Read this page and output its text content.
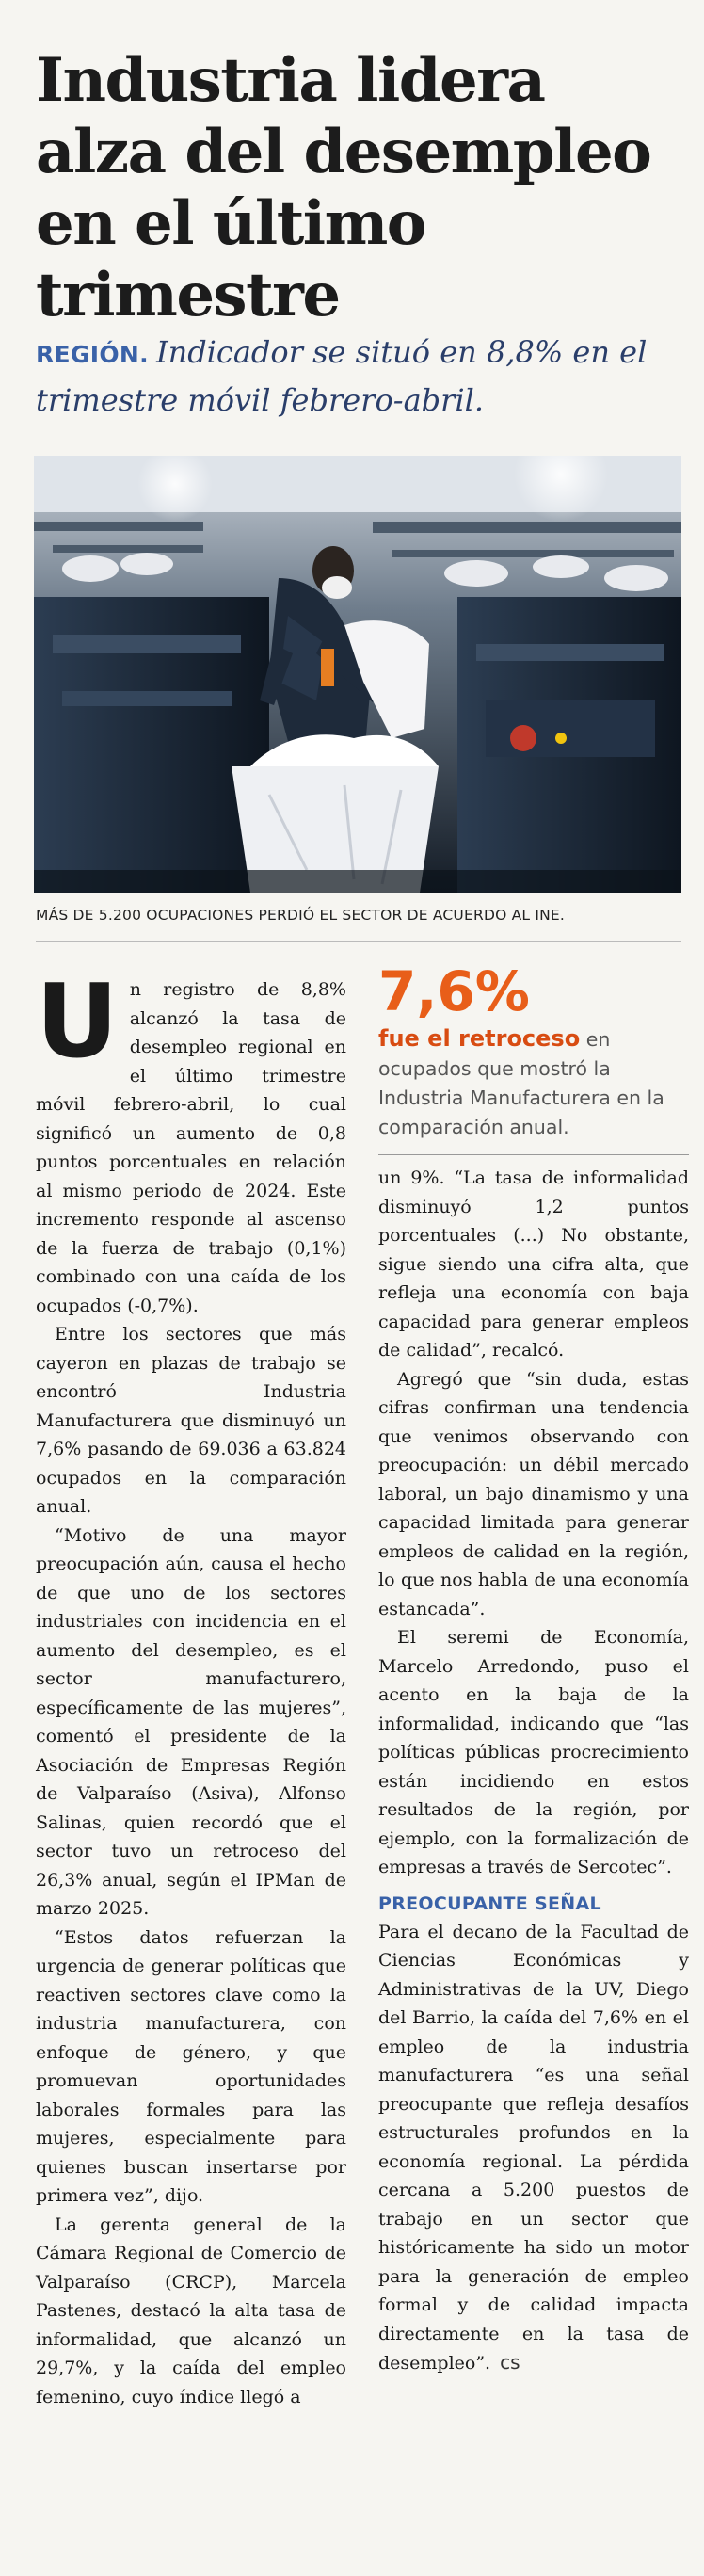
Industria lidera alza del desempleo en el último trimestre

REGIÓN. Indicador se situó en 8,8% en el trimestre móvil febrero-abril.

MÁS DE 5.200 OCUPACIONES PERDIÓ EL SECTOR DE ACUERDO AL INE.

Un registro de 8,8% alcanzó la tasa de desempleo regional en el último trimestre móvil febrero-abril, lo cual significó un aumento de 0,8 puntos porcentuales en relación al mismo periodo de 2024. Este incremento responde al ascenso de la fuerza de trabajo (0,1%) combinado con una caída de los ocupados (-0,7%).

Entre los sectores que más cayeron en plazas de trabajo se encontró Industria Manufacturera que disminuyó un 7,6% pasando de 69.036 a 63.824 ocupados en la comparación anual.

“Motivo de una mayor preocupación aún, causa el hecho de que uno de los sectores industriales con incidencia en el aumento del desempleo, es el sector manufacturero, específicamente de las mujeres”, comentó el presidente de la Asociación de Empresas Región de Valparaíso (Asiva), Alfonso Salinas, quien recordó que el sector tuvo un retroceso del 26,3% anual, según el IPMan de marzo 2025.

“Estos datos refuerzan la urgencia de generar políticas que reactiven sectores clave como la industria manufacturera, con enfoque de género, y que promuevan oportunidades laborales formales para las mujeres, especialmente para quienes buscan insertarse por primera vez”, dijo.

La gerenta general de la Cámara Regional de Comercio de Valparaíso (CRCP), Marcela Pastenes, destacó la alta tasa de informalidad, que alcanzó un 29,7%, y la caída del empleo femenino, cuyo índice llegó a

7,6%
fue el retroceso en ocupados que mostró la Industria Manufacturera en la comparación anual.

un 9%. “La tasa de informalidad disminuyó 1,2 puntos porcentuales (...) No obstante, sigue siendo una cifra alta, que refleja una economía con baja capacidad para generar empleos de calidad”, recalcó.

Agregó que “sin duda, estas cifras confirman una tendencia que venimos observando con preocupación: un débil mercado laboral, un bajo dinamismo y una capacidad limitada para generar empleos de calidad en la región, lo que nos habla de una economía estancada”.

El seremi de Economía, Marcelo Arredondo, puso el acento en la baja de la informalidad, indicando que “las políticas públicas procrecimiento están incidiendo en estos resultados de la región, por ejemplo, con la formalización de empresas a través de Sercotec”.

PREOCUPANTE SEÑAL

Para el decano de la Facultad de Ciencias Económicas y Administrativas de la UV, Diego del Barrio, la caída del 7,6% en el empleo de la industria manufacturera “es una señal preocupante que refleja desafíos estructurales profundos en la economía regional. La pérdida cercana a 5.200 puestos de trabajo en un sector que históricamente ha sido un motor para la generación de empleo formal y de calidad impacta directamente en la tasa de desempleo”. cs
